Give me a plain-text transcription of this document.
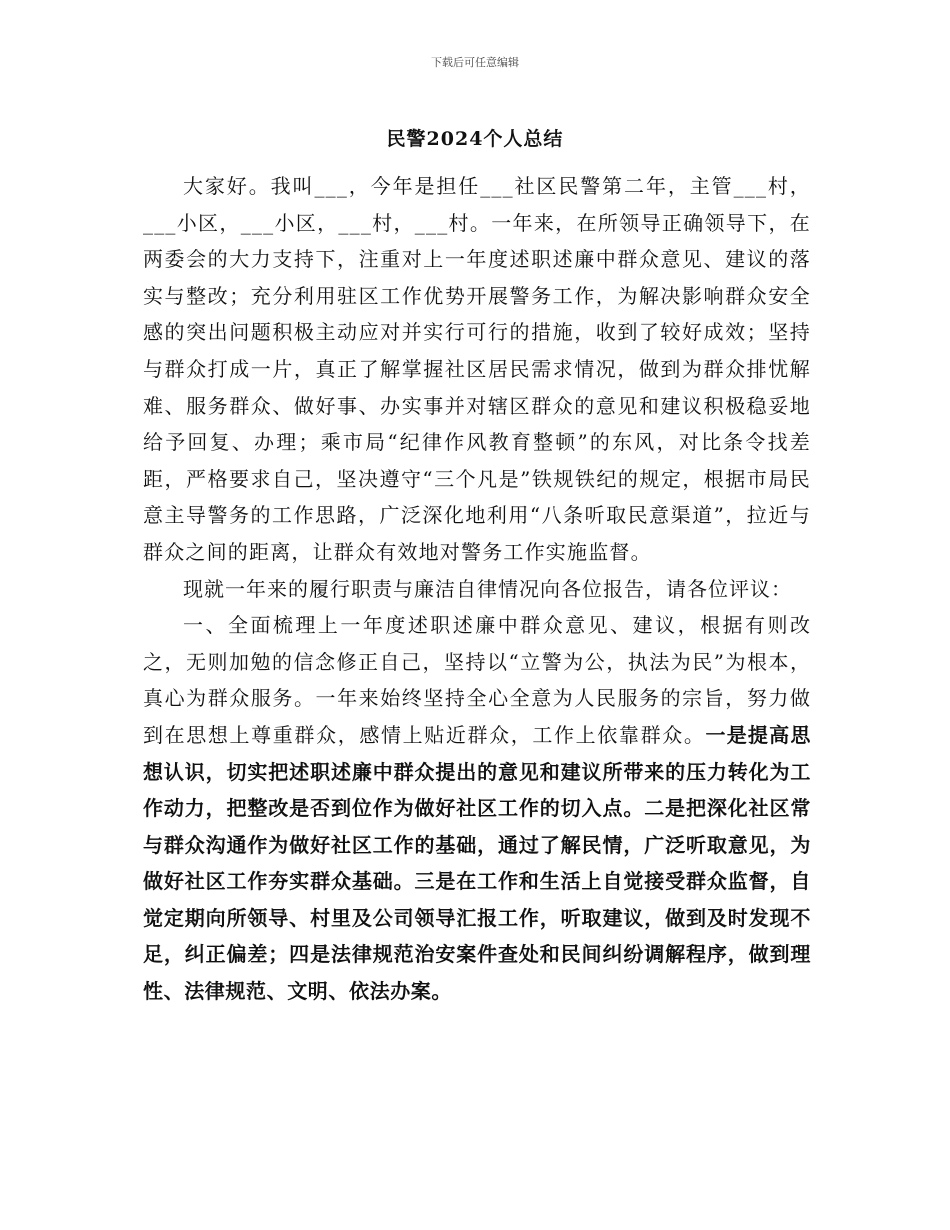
下载后可任意编辑
民警2024个人总结

大家好。我叫___，今年是担任___社区民警第二年，主管___村，___小区，___小区，___村，___村。一年来，在所领导正确领导下，在两委会的大力支持下，注重对上一年度述职述廉中群众意见、建议的落实与整改；充分利用驻区工作优势开展警务工作，为解决影响群众安全感的突出问题积极主动应对并实行可行的措施，收到了较好成效；坚持与群众打成一片，真正了解掌握社区居民需求情况，做到为群众排忧解难、服务群众、做好事、办实事并对辖区群众的意见和建议积极稳妥地给予回复、办理；乘市局“纪律作风教育整顿”的东风，对比条令找差距，严格要求自己，坚决遵守“三个凡是”铁规铁纪的规定，根据市局民意主导警务的工作思路，广泛深化地利用“八条听取民意渠道”，拉近与群众之间的距离，让群众有效地对警务工作实施监督。

现就一年来的履行职责与廉洁自律情况向各位报告，请各位评议：

一、全面梳理上一年度述职述廉中群众意见、建议，根据有则改之，无则加勉的信念修正自己，坚持以“立警为公，执法为民”为根本，真心为群众服务。一年来始终坚持全心全意为人民服务的宗旨，努力做到在思想上尊重群众，感情上贴近群众，工作上依靠群众。一是提高思想认识，切实把述职述廉中群众提出的意见和建议所带来的压力转化为工作动力，把整改是否到位作为做好社区工作的切入点。二是把深化社区常与群众沟通作为做好社区工作的基础，通过了解民情，广泛听取意见，为做好社区工作夯实群众基础。三是在工作和生活上自觉接受群众监督，自觉定期向所领导、村里及公司领导汇报工作，听取建议，做到及时发现不足，纠正偏差；四是法律规范治安案件查处和民间纠纷调解程序，做到理性、法律规范、文明、依法办案。
